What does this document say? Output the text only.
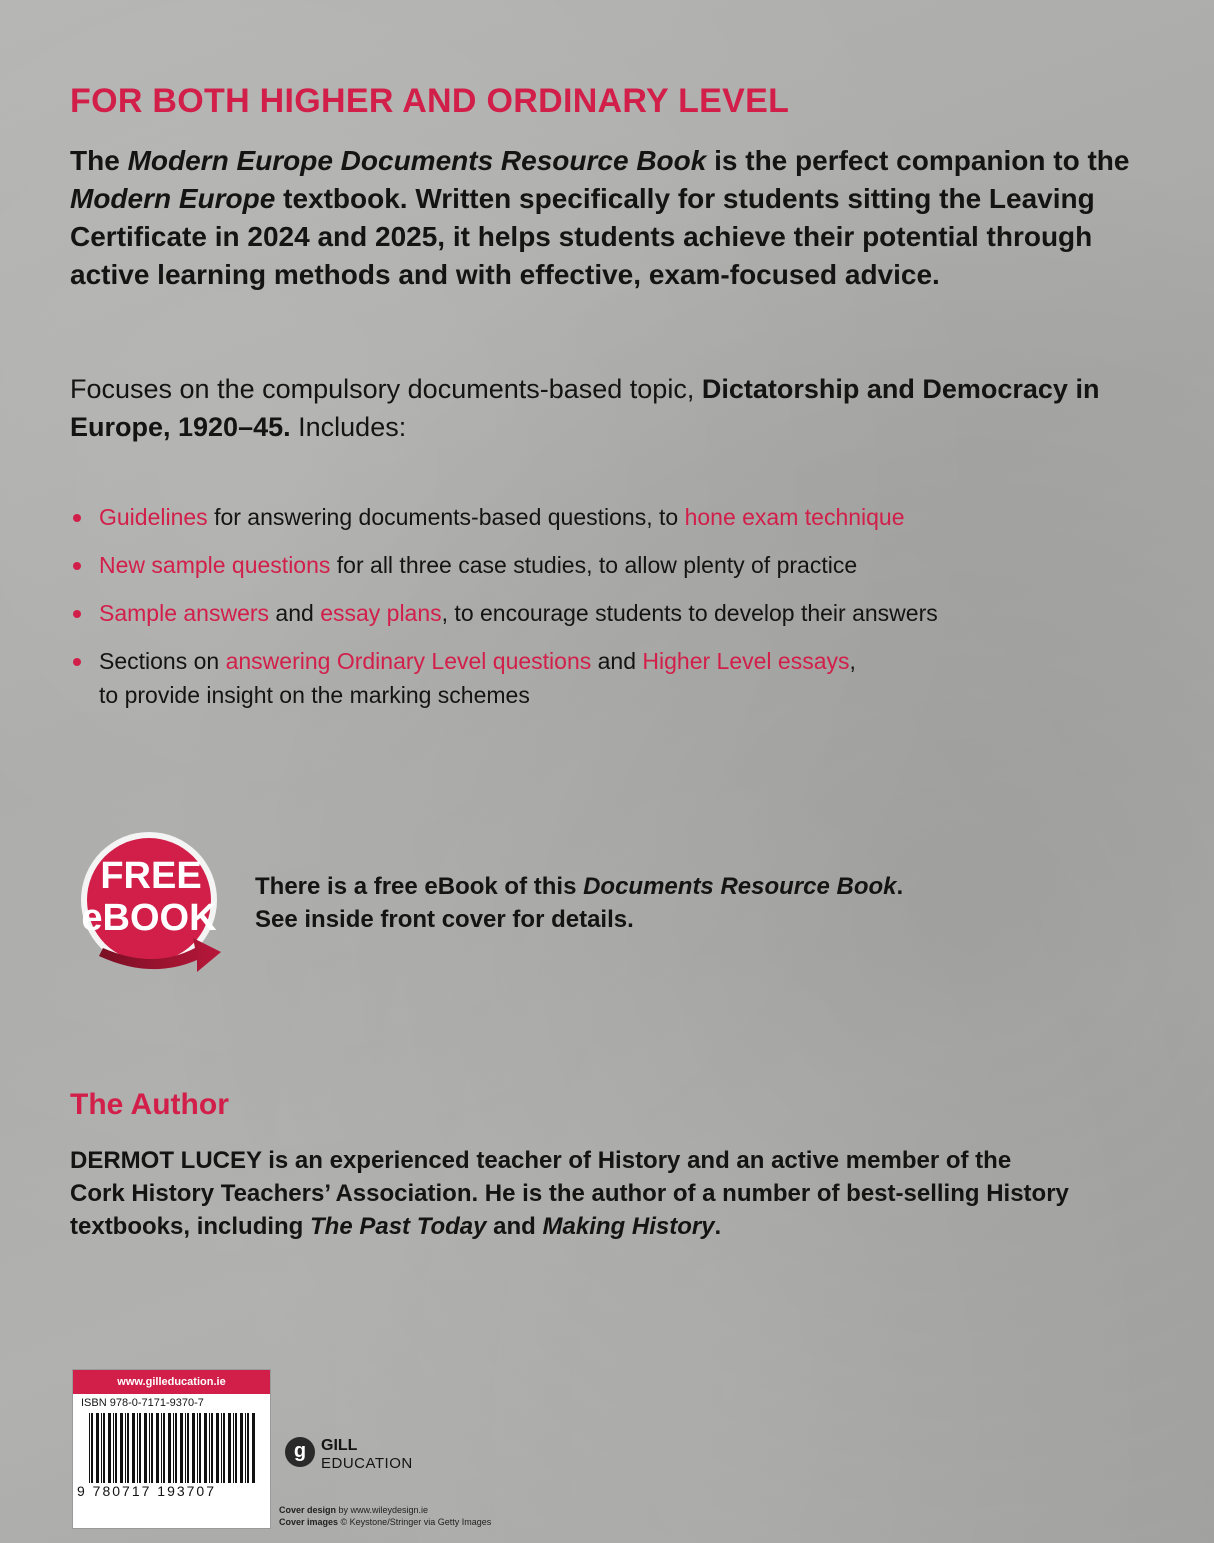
FOR BOTH HIGHER AND ORDINARY LEVEL
The Modern Europe Documents Resource Book is the perfect companion to the Modern Europe textbook. Written specifically for students sitting the Leaving Certificate in 2024 and 2025, it helps students achieve their potential through active learning methods and with effective, exam-focused advice.
Focuses on the compulsory documents-based topic, Dictatorship and Democracy in Europe, 1920–45. Includes:
Guidelines for answering documents-based questions, to hone exam technique
New sample questions for all three case studies, to allow plenty of practice
Sample answers and essay plans, to encourage students to develop their answers
Sections on answering Ordinary Level questions and Higher Level essays,
to provide insight on the marking schemes
FREE
eBOOK
There is a free eBook of this Documents Resource Book.
See inside front cover for details.
The Author
DERMOT LUCEY is an experienced teacher of History and an active member of the Cork History Teachers’ Association. He is the author of a number of best-selling History textbooks, including The Past Today and Making History.
www.gilleducation.ie
ISBN 978-0-7171-9370-7
9 780717 193707
g GILL
EDUCATION
Cover design by www.wileydesign.ie
Cover images © Keystone/Stringer via Getty Images
